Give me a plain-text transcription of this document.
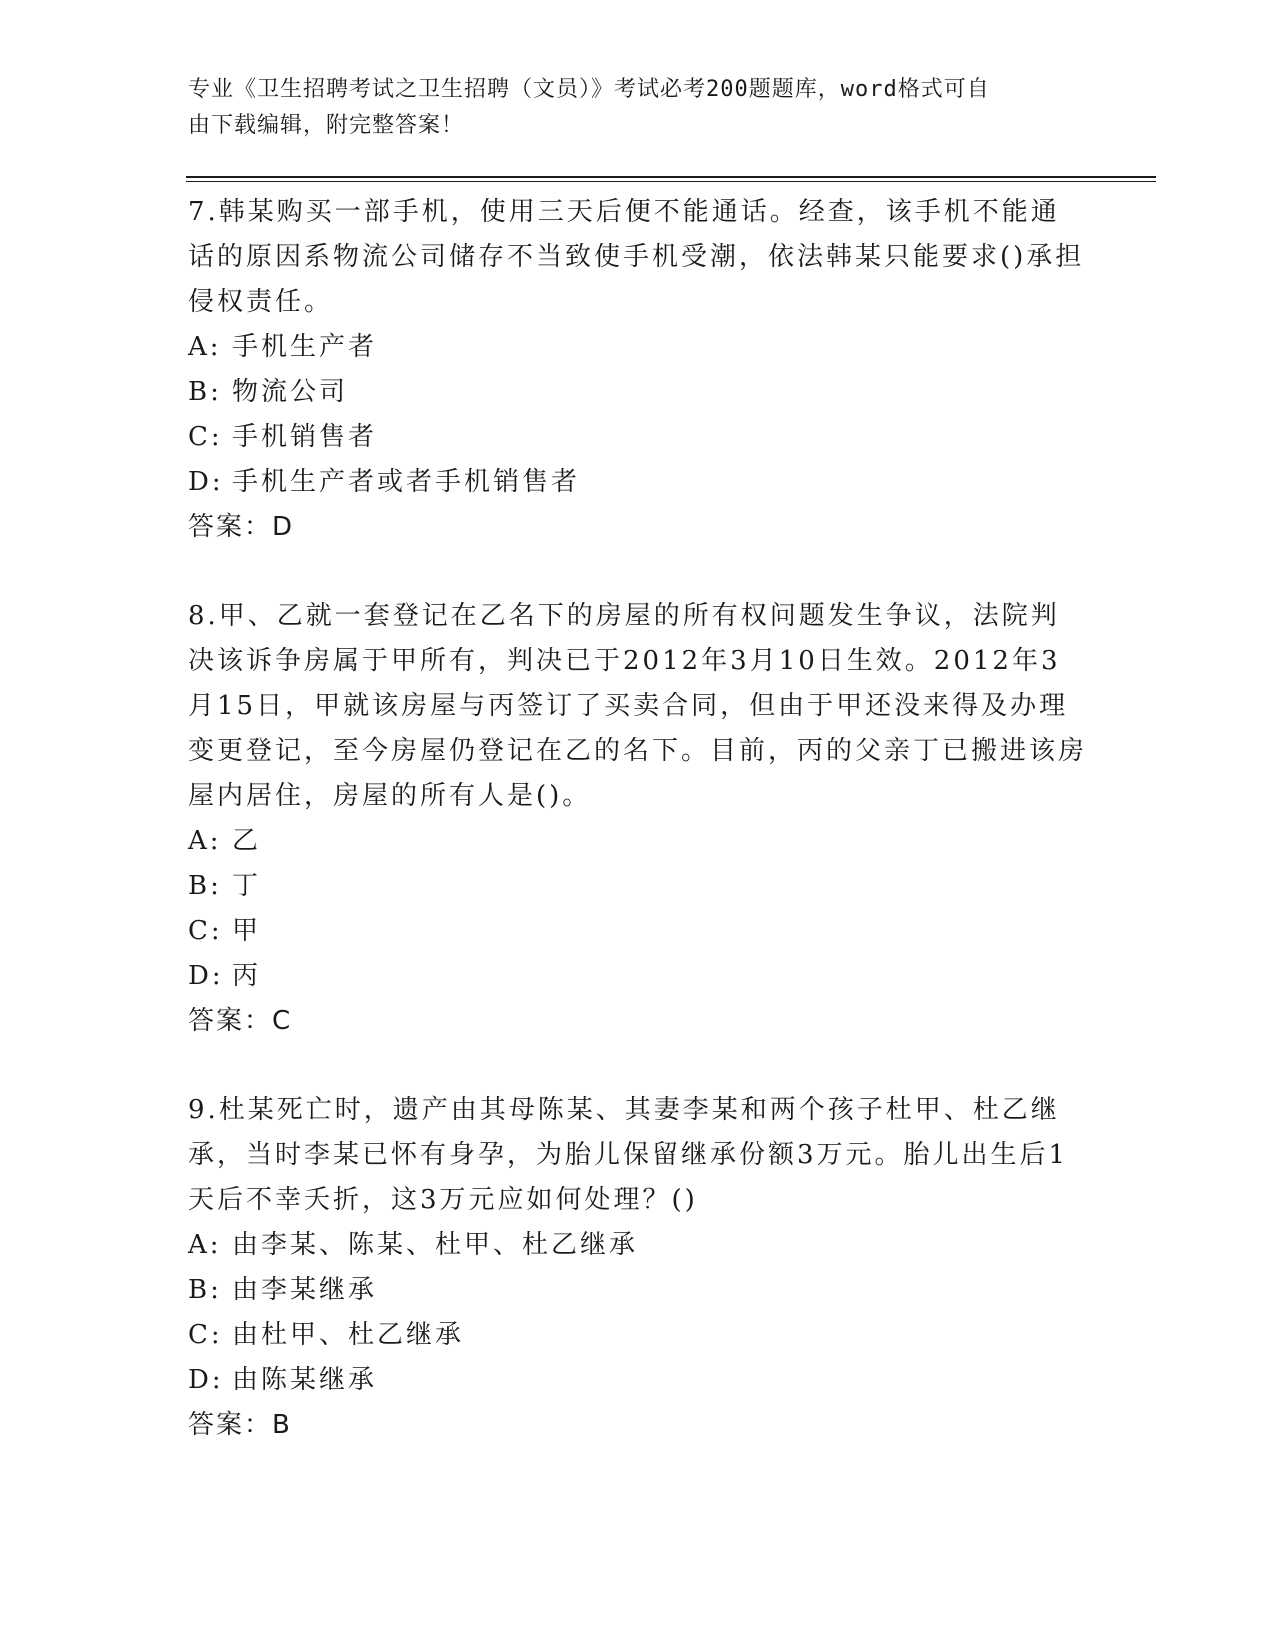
专业《卫生招聘考试之卫生招聘（文员）》考试必考200题题库，word格式可自
由下载编辑，附完整答案！

7.韩某购买一部手机，使用三天后便不能通话。经查，该手机不能通话的原因系物流公司储存不当致使手机受潮，依法韩某只能要求()承担侵权责任。

A: 手机生产者

B: 物流公司

C: 手机销售者

D: 手机生产者或者手机销售者

答案：D

8.甲、乙就一套登记在乙名下的房屋的所有权问题发生争议，法院判决该诉争房属于甲所有，判决已于2012年3月10日生效。2012年3月15日，甲就该房屋与丙签订了买卖合同，但由于甲还没来得及办理变更登记，至今房屋仍登记在乙的名下。目前，丙的父亲丁已搬进该房屋内居住，房屋的所有人是()。

A: 乙

B: 丁

C: 甲

D: 丙

答案：C

9.杜某死亡时，遗产由其母陈某、其妻李某和两个孩子杜甲、杜乙继承，当时李某已怀有身孕，为胎儿保留继承份额3万元。胎儿出生后1天后不幸夭折，这3万元应如何处理？()

A: 由李某、陈某、杜甲、杜乙继承

B: 由李某继承

C: 由杜甲、杜乙继承

D: 由陈某继承

答案：B
